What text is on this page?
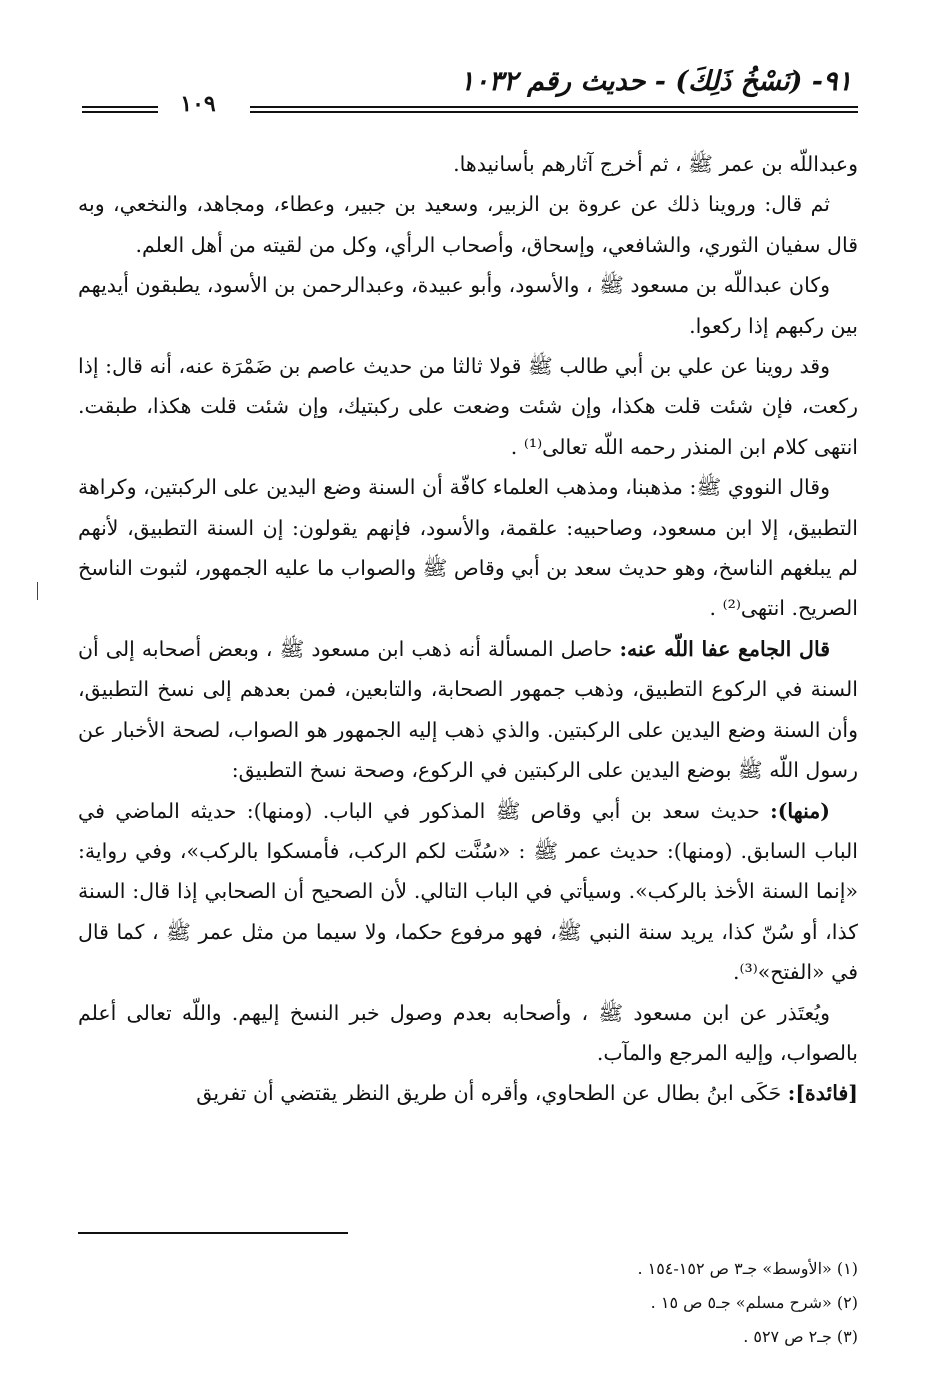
٩١- (نَسْخُ ذَلِكَ) - حديث رقم ١٠٣٢
١٠٩

وعبداللّه بن عمر ﷺ ، ثم أخرج آثارهم بأسانيدها.

ثم قال: وروينا ذلك عن عروة بن الزبير، وسعيد بن جبير، وعطاء، ومجاهد، والنخعي، وبه قال سفيان الثوري، والشافعي، وإسحاق، وأصحاب الرأي، وكل من لقيته من أهل العلم.

وكان عبداللّه بن مسعود ﷺ ، والأسود، وأبو عبيدة، وعبدالرحمن بن الأسود، يطبقون أيديهم بين ركبهم إذا ركعوا.

وقد روينا عن علي بن أبي طالب ﷺ قولا ثالثا من حديث عاصم بن ضَمْرَة عنه، أنه قال: إذا ركعت، فإن شئت قلت هكذا، وإن شئت وضعت على ركبتيك، وإن شئت قلت هكذا، طبقت. انتهى كلام ابن المنذر رحمه اللّه تعالى⁽¹⁾ .

وقال النووي ﷺ: مذهبنا، ومذهب العلماء كافّة أن السنة وضع اليدين على الركبتين، وكراهة التطبيق، إلا ابن مسعود، وصاحبيه: علقمة، والأسود، فإنهم يقولون: إن السنة التطبيق، لأنهم لم يبلغهم الناسخ، وهو حديث سعد بن أبي وقاص ﷺ والصواب ما عليه الجمهور، لثبوت الناسخ الصريح. انتهى⁽²⁾ .

قال الجامع عفا اللّه عنه: حاصل المسألة أنه ذهب ابن مسعود ﷺ ، وبعض أصحابه إلى أن السنة في الركوع التطبيق، وذهب جمهور الصحابة، والتابعين، فمن بعدهم إلى نسخ التطبيق، وأن السنة وضع اليدين على الركبتين. والذي ذهب إليه الجمهور هو الصواب، لصحة الأخبار عن رسول اللّه ﷺ بوضع اليدين على الركبتين في الركوع، وصحة نسخ التطبيق:

(منها): حديث سعد بن أبي وقاص ﷺ المذكور في الباب. (ومنها): حديثه الماضي في الباب السابق. (ومنها): حديث عمر ﷺ : «سُنَّت لكم الركب، فأمسكوا بالركب»، وفي رواية: «إنما السنة الأخذ بالركب». وسيأتي في الباب التالي. لأن الصحيح أن الصحابي إذا قال: السنة كذا، أو سُنّ كذا، يريد سنة النبي ﷺ، فهو مرفوع حكما، ولا سيما من مثل عمر ﷺ ، كما قال في «الفتح»⁽³⁾.

ويُعتَذر عن ابن مسعود ﷺ ، وأصحابه بعدم وصول خبر النسخ إليهم. واللّه تعالى أعلم بالصواب، وإليه المرجع والمآب.

[فائدة]: حَكَى ابنُ بطال عن الطحاوي، وأقره أن طريق النظر يقتضي أن تفريق

(١) «الأوسط» جـ٣ ص ١٥٢-١٥٤ .
(٢) «شرح مسلم» جـ٥ ص ١٥ .
(٣) جـ٢ ص ٥٢٧ .
